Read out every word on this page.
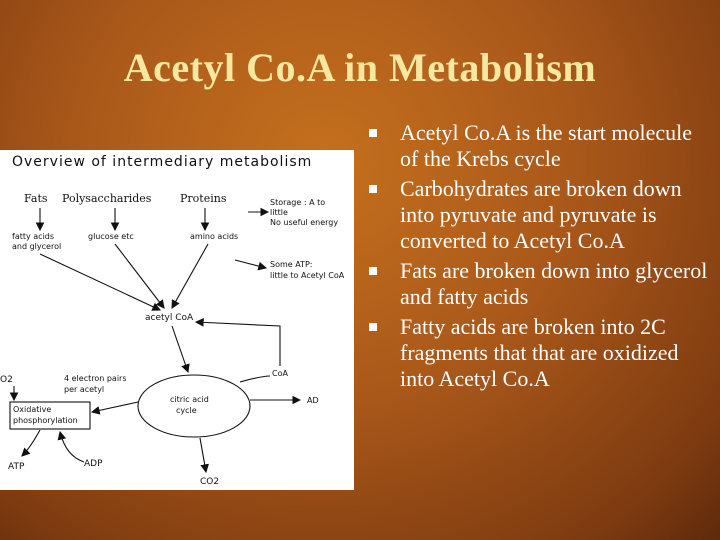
Acetyl Co.A in Metabolism
Overview of intermediary metabolism
Fats Polysaccharides	Proteins	Storage : A to
little
No useful energy
fatty acids
and glycerol
glucose etc	amino acids
Some ATP:
little to Acetyl CoA
acetyl CoA
CoA
4 electron pairs
per acetyl
citric acid
cycle
AD
O2
Oxidative
phosphorylation
ATP	ADP
CO2
Acetyl Co.A is the start molecule of the Krebs cycle
Carbohydrates are broken down into pyruvate and pyruvate is converted to Acetyl Co.A
Fats are broken down into glycerol and fatty acids
Fatty acids are broken into 2C fragments that that are oxidized into Acetyl Co.A
